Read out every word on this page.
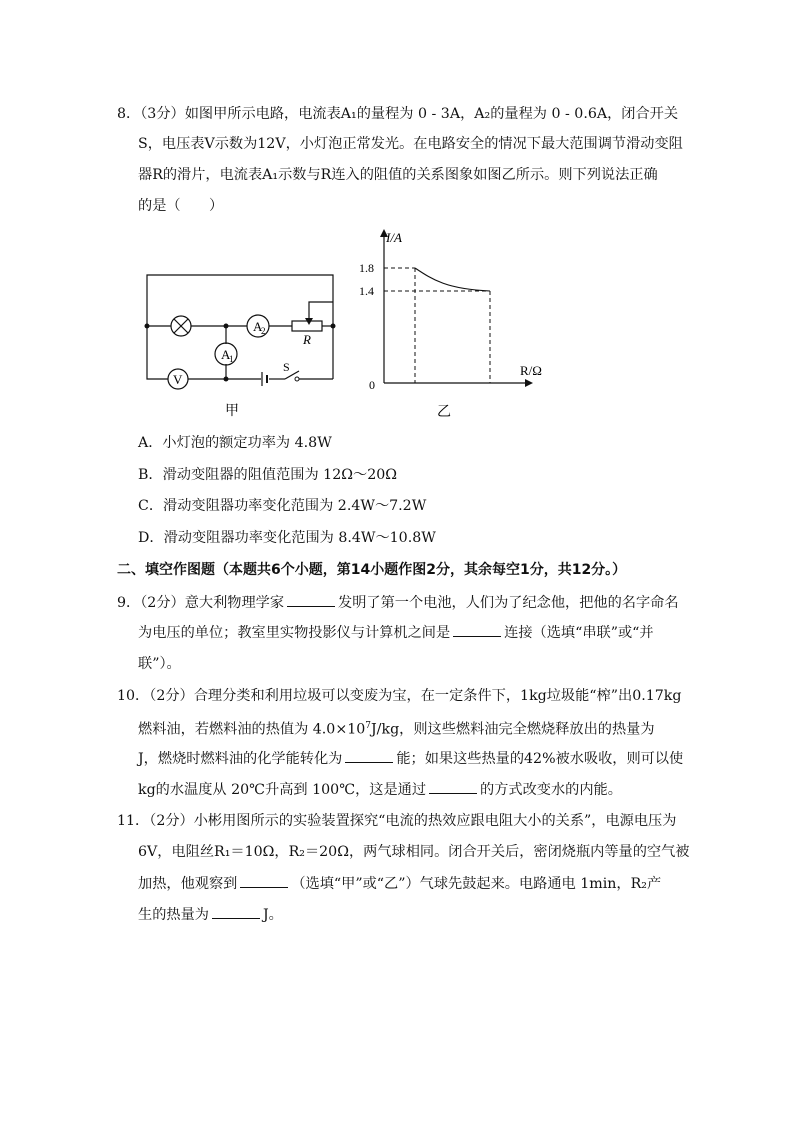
8．（3分）如图甲所示电路，电流表A₁的量程为 0 - 3A，A₂的量程为 0 - 0.6A，闭合开关
S，电压表V示数为12V，小灯泡正常发光。在电路安全的情况下最大范围调节滑动变阻
器R的滑片，电流表A₁示数与R连入的阻值的关系图象如图乙所示。则下列说法正确
的是（　　）
A
2
A
1
V
R
S
甲
I/A
R/Ω
0
1.8
1.4
乙
A．小灯泡的额定功率为 4.8W
B．滑动变阻器的阻值范围为 12Ω～20Ω
C．滑动变阻器功率变化范围为 2.4W～7.2W
D．滑动变阻器功率变化范围为 8.4W～10.8W
二、填空作图题（本题共6个小题，第14小题作图2分，其余每空1分，共12分。）
9．（2分）意大利物理学家	发明了第一个电池，人们为了纪念他，把他的名字命名
为电压的单位；教室里实物投影仪与计算机之间是	连接（选填“串联”或“并
联”）。
10．（2分）合理分类和利用垃圾可以变废为宝，在一定条件下，1kg垃圾能“榨”出0.17kg
燃料油，若燃料油的热值为 $4.0\times 10^7J/kg$，则这些燃料油完全燃烧释放出的热量为
J，燃烧时燃料油的化学能转化为	能；如果这些热量的42%被水吸收，则可以使
kg的水温度从 20℃升高到 100℃，这是通过	的方式改变水的内能。
11．（2分）小彬用图所示的实验装置探究“电流的热效应跟电阻大小的关系”，电源电压为
6V，电阻丝R₁＝10Ω，R₂＝20Ω，两气球相同。闭合开关后，密闭烧瓶内等量的空气被
加热，他观察到	（选填“甲”或“乙”）气球先鼓起来。电路通电 1min，R₂产
生的热量为	J。
